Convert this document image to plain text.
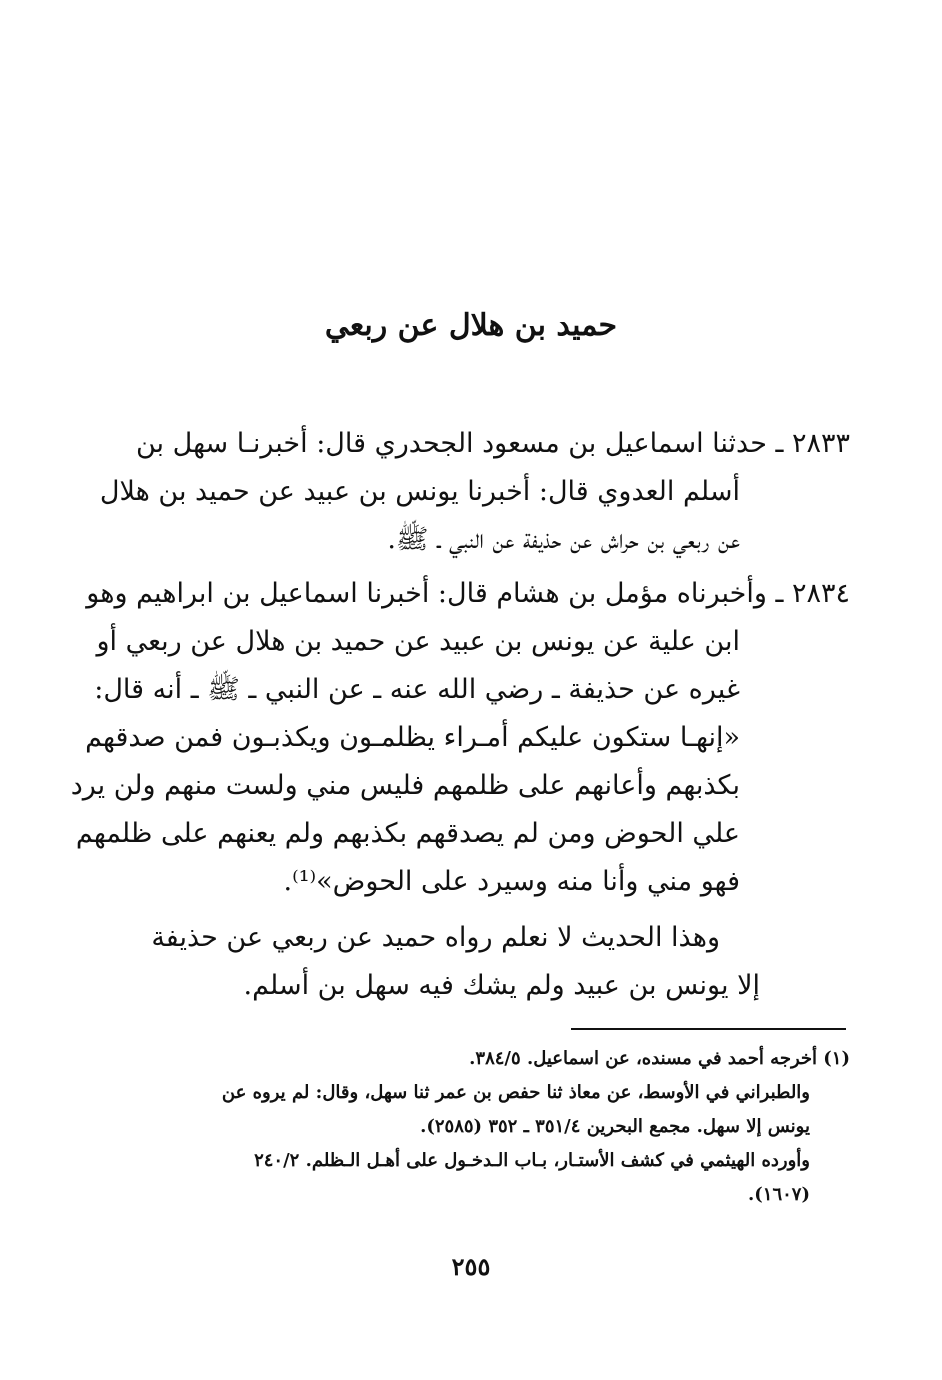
حميد بن هلال عن ربعي
٢٨٣٣ ـ حدثنا اسماعيل بن مسعود الجحدري قال: أخبرنـا سهل بن
أسلم العدوي قال: أخبرنا يونس بن عبيد عن حميد بن هلال
عن ربعي بن حراش عن حذيفة عن النبي ـ ﷺ.
٢٨٣٤ ـ وأخبرناه مؤمل بن هشام قال: أخبرنا اسماعيل بن ابراهيم وهو
ابن علية عن يونس بن عبيد عن حميد بن هلال عن ربعي أو
غيره عن حذيفة ـ رضي الله عنه ـ عن النبي ـ ﷺ ـ أنه قال:
«إنهـا ستكون عليكم أمـراء يظلمـون ويكذبـون فمن صدقهم
بكذبهم وأعانهم على ظلمهم فليس مني ولست منهم ولن يرد
علي الحوض ومن لم يصدقهم بكذبهم ولم يعنهم على ظلمهم
فهو مني وأنا منه وسيرد على الحوض»⁽¹⁾.
وهذا الحديث لا نعلم رواه حميد عن ربعي عن حذيفة
إلا يونس بن عبيد ولم يشك فيه سهل بن أسلم.
(١) أخرجه أحمد في مسنده، عن اسماعيل. ٣٨٤/٥.
والطبراني في الأوسط، عن معاذ ثنا حفص بن عمر ثنا سهل، وقال: لم يروه عن
يونس إلا سهل. مجمع البحرين ٣٥١/٤ ـ ٣٥٢ (٢٥٨٥).
وأورده الهيثمي في كشف الأستـار، بـاب الـدخـول على أهـل الـظلم. ٢٤٠/٢
(١٦٠٧).
٢٥٥
